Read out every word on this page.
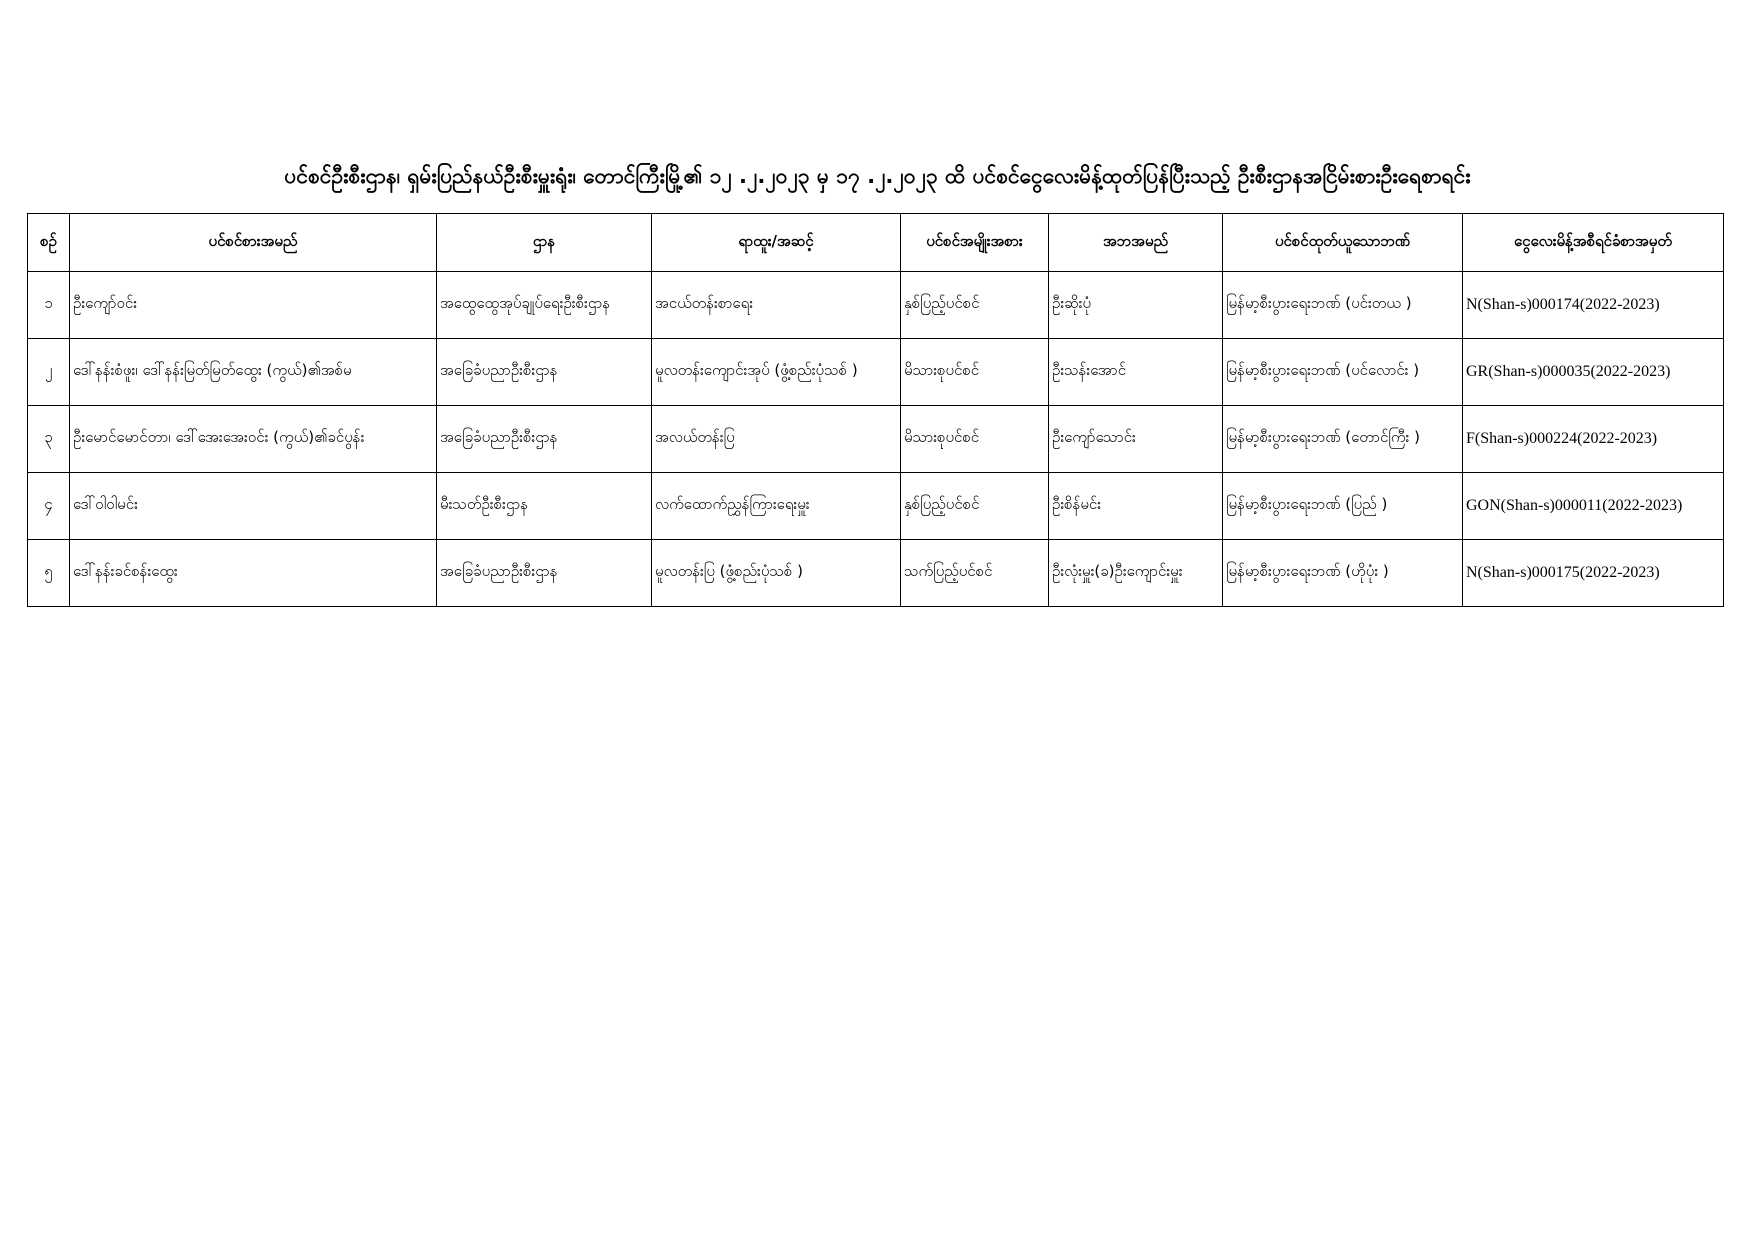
ပင်စင်ဦးစီးဌာန၊ ရှမ်းပြည်နယ်ဦးစီးမှူးရုံး၊ တောင်ကြီးမြို့၏ ၁၂ .၂.၂၀၂၃ မှ ၁၇ .၂.၂၀၂၃ ထိ ပင်စင်ငွေလေးမိန့်ထုတ်ပြန်ပြီးသည့် ဦးစီးဌာနအငြိမ်းစားဦးရေစာရင်း
စဉ်	ပင်စင်စားအမည်	ဌာန	ရာထူး/အဆင့်	ပင်စင်အမျိုးအစား	အဘအမည်	ပင်စင်ထုတ်ယူသောဘဏ်	ငွေလေးမိန့်အစီရင်ခံစာအမှတ်
၁	ဦးကျော်ဝင်း	အထွေထွေအုပ်ချုပ်ရေးဦးစီးဌာန	အငယ်တန်းစာရေး	နှစ်ပြည့်ပင်စင်	ဦးဆိုးပုံ	မြန်မာ့စီးပွားရေးဘဏ် (ပင်းတယ )	N(Shan-s)000174(2022-2023)
၂	ဒေါ်နန်းစံဖူး၊ ဒေါ်နန်းမြတ်မြတ်ထွေး (ကွယ်)၏အစ်မ	အခြေခံပညာဦးစီးဌာန	မူလတန်းကျောင်းအုပ် (ဖွံ့စည်းပုံသစ် )	မိသားစုပင်စင်	ဦးသန်းအောင်	မြန်မာ့စီးပွားရေးဘဏ် (ပင်လောင်း )	GR(Shan-s)000035(2022-2023)
၃	ဦးမောင်မောင်တာ၊ ဒေါ်အေးအေးဝင်း (ကွယ်)၏ခင်ပွန်း	အခြေခံပညာဦးစီးဌာန	အလယ်တန်းပြ	မိသားစုပင်စင်	ဦးကျော်သောင်း	မြန်မာ့စီးပွားရေးဘဏ် (တောင်ကြီး )	F(Shan-s)000224(2022-2023)
၄	ဒေါ်ဝါဝါမင်း	မီးသတ်ဦးစီးဌာန	လက်ထောက်ညွှန်ကြားရေးမှူး	နှစ်ပြည့်ပင်စင်	ဦးစိန်မင်း	မြန်မာ့စီးပွားရေးဘဏ် (ပြည် )	GON(Shan-s)000011(2022-2023)
၅	ဒေါ်နန်းခင်စန်းထွေး	အခြေခံပညာဦးစီးဌာန	မူလတန်းပြ (ဖွံ့စည်းပုံသစ် )	သက်ပြည့်ပင်စင်	ဦးလုံးမှူး(ခ)ဦးကျောင်းမှူး	မြန်မာ့စီးပွားရေးဘဏ် (ဟိုပုံး )	N(Shan-s)000175(2022-2023)
